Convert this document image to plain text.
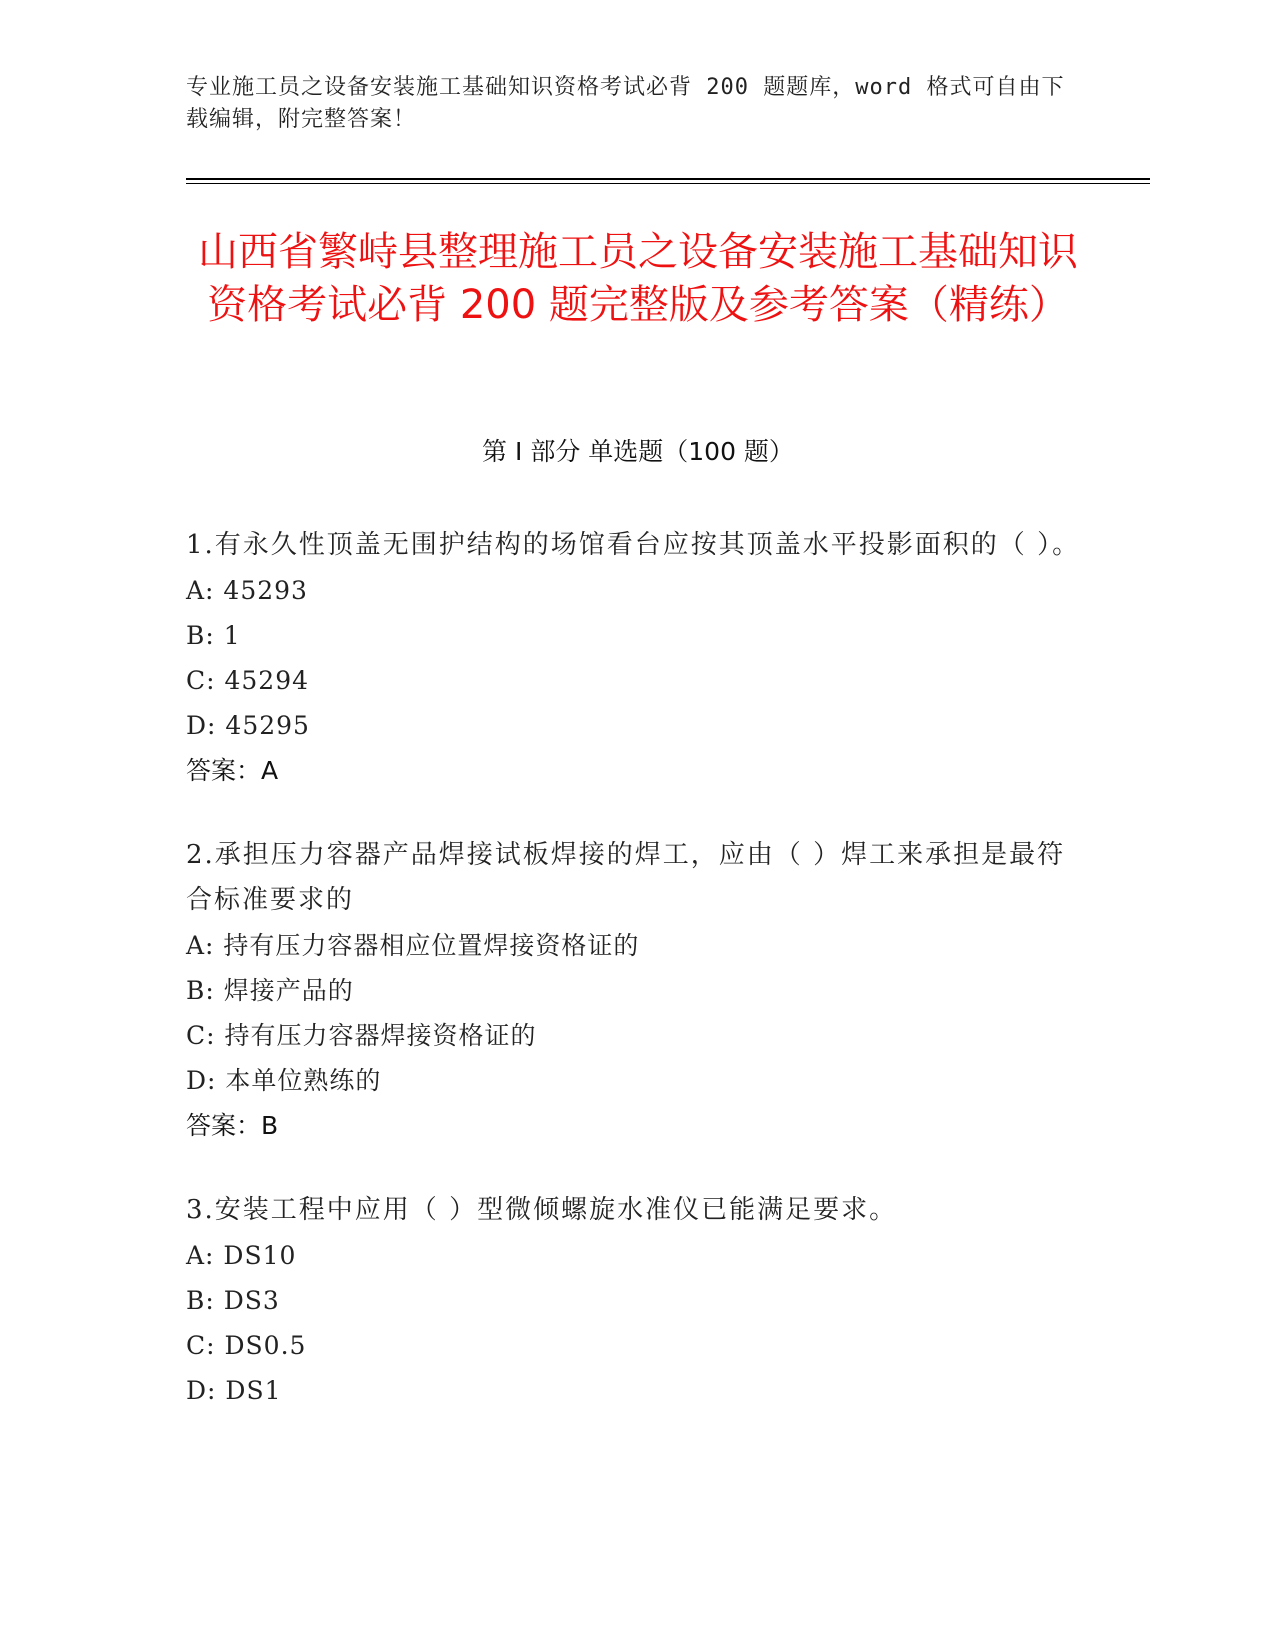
专业施工员之设备安装施工基础知识资格考试必背 200 题题库，word 格式可自由下载编辑，附完整答案！
山西省繁峙县整理施工员之设备安装施工基础知识资格考试必背 200 题完整版及参考答案（精练）
第 I 部分 单选题（100 题）
1.有永久性顶盖无围护结构的场馆看台应按其顶盖水平投影面积的（ ）。
A: 45293
B: 1
C: 45294
D: 45295
答案：A
2.承担压力容器产品焊接试板焊接的焊工，应由（ ）焊工来承担是最符合标准要求的
A: 持有压力容器相应位置焊接资格证的
B: 焊接产品的
C: 持有压力容器焊接资格证的
D: 本单位熟练的
答案：B
3.安装工程中应用（ ）型微倾螺旋水准仪已能满足要求。
A: DS10
B: DS3
C: DS0.5
D: DS1
